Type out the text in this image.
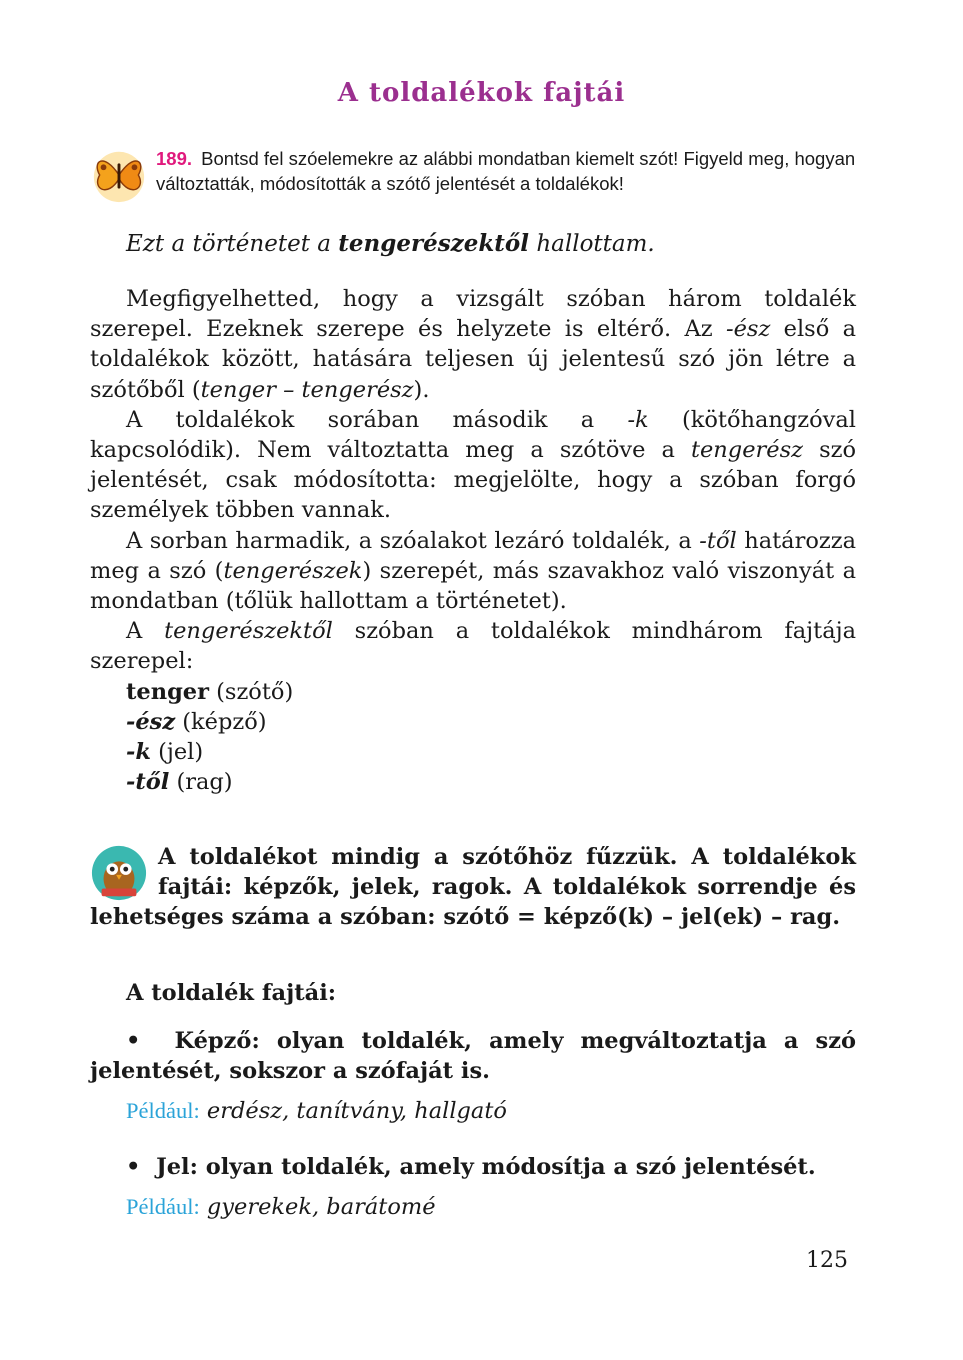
A toldalékok fajtái
189. Bontsd fel szóelemekre az alábbi mondatban kiemelt szót! Figyeld meg, hogyan változtatták, módosították a szótő jelentését a toldalékok!
Ezt a történetet a tengerészektől hallottam.

Megfigyelhetted, hogy a vizsgált szóban három toldalék szerepel. Ezeknek szerepe és helyzete is eltérő. Az -ész első a toldalékok között, hatására teljesen új jelentesű szó jön létre a szótőből (tenger – tengerész).

A toldalékok sorában második a -k (kötőhangzóval kapcsolódik). Nem változtatta meg a szótöve a tengerész szó jelentését, csak módosította: megjelölte, hogy a szóban forgó személyek többen vannak.

A sorban harmadik, a szóalakot lezáró toldalék, a -től határozza meg a szó (tengerészek) szerepét, más szavakhoz való viszonyát a mondatban (tőlük hallottam a történetet).

A tengerészektől szóban a toldalékok mindhárom fajtája szerepel:

tenger (szótő)
-ész (képző)
-k (jel)
-től (rag)
A toldalékot mindig a szótőhöz fűzzük. A toldalékok fajtái: képzők, jelek, ragok. A toldalékok sorrendje és lehetséges száma a szóban: szótő = képző(k) – jel(ek) – rag.
A toldalék fajtái:
• Képző: olyan toldalék, amely megváltoztatja a szó jelentését, sokszor a szófaját is.
Például: erdész, tanítvány, hallgató
• Jel: olyan toldalék, amely módosítja a szó jelentését.
Például: gyerekek, barátomé
125
